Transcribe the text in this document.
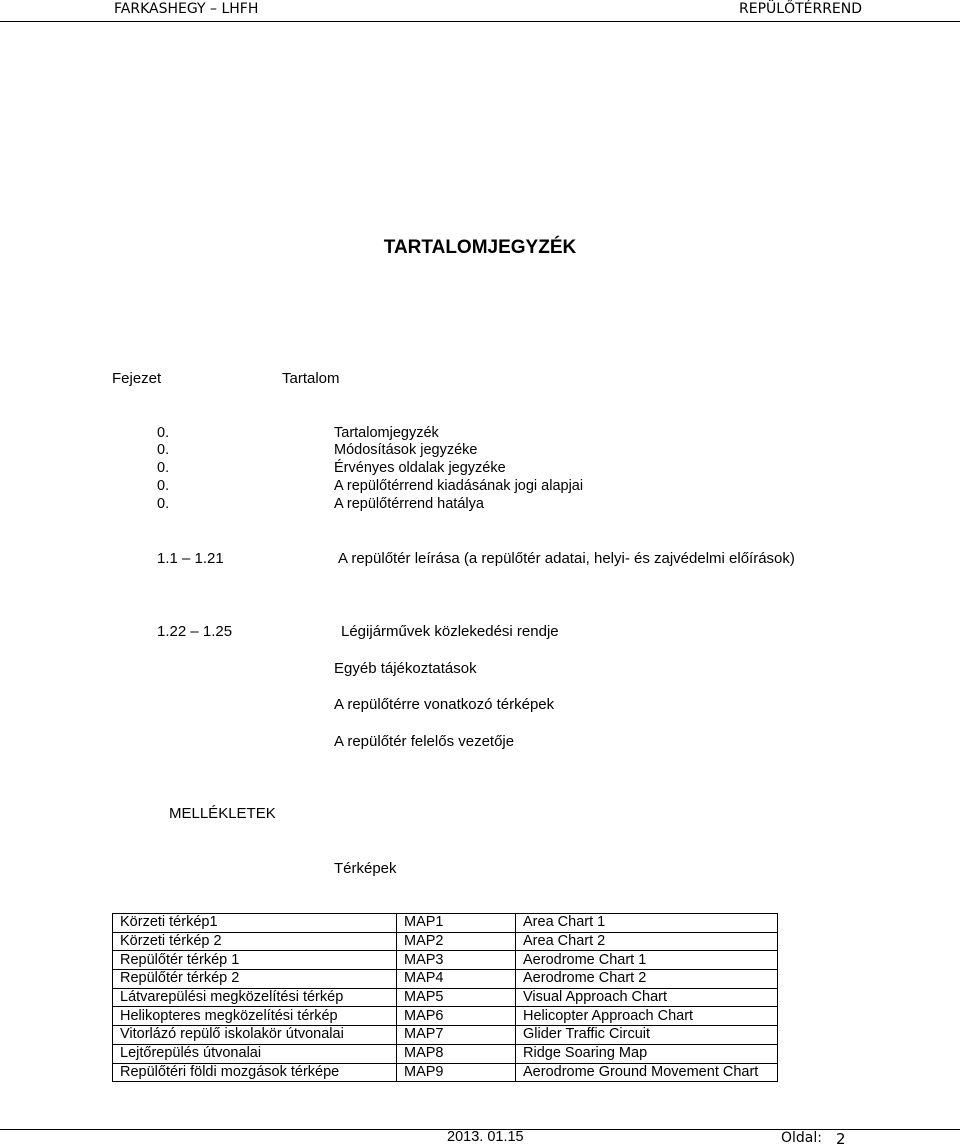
FARKASHEGY – LHFH	REPÜLŐTÉRREND
TARTALOMJEGYZÉK
Fejezet	Tartalom
0.	Tartalomjegyzék
0.	Módosítások jegyzéke
0.	Érvényes oldalak jegyzéke
0.	A repülőtérrend kiadásának jogi alapjai
0.	A repülőtérrend hatálya
1.1 – 1.21	A repülőtér leírása (a repülőtér adatai, helyi- és zajvédelmi előírások)
1.22 – 1.25	Légijárművek közlekedési rendje
Egyéb tájékoztatások
A repülőtérre vonatkozó térképek
A repülőtér felelős vezetője
MELLÉKLETEK
Térképek
Körzeti térkép1	MAP1	Area Chart 1
Körzeti térkép 2	MAP2	Area Chart 2
Repülőtér térkép 1	MAP3	Aerodrome Chart 1
Repülőtér térkép 2	MAP4	Aerodrome Chart 2
Látvarepülési megközelítési térkép	MAP5	Visual Approach Chart
Helikopteres megközelítési térkép	MAP6	Helicopter Approach Chart
Vitorlázó repülő iskolakör útvonalai	MAP7	Glider Traffic Circuit
Lejtőrepülés útvonalai	MAP8	Ridge Soaring Map
Repülőtéri földi mozgások térképe	MAP9	Aerodrome Ground Movement Chart
2013. 01.15	Oldal: 2
